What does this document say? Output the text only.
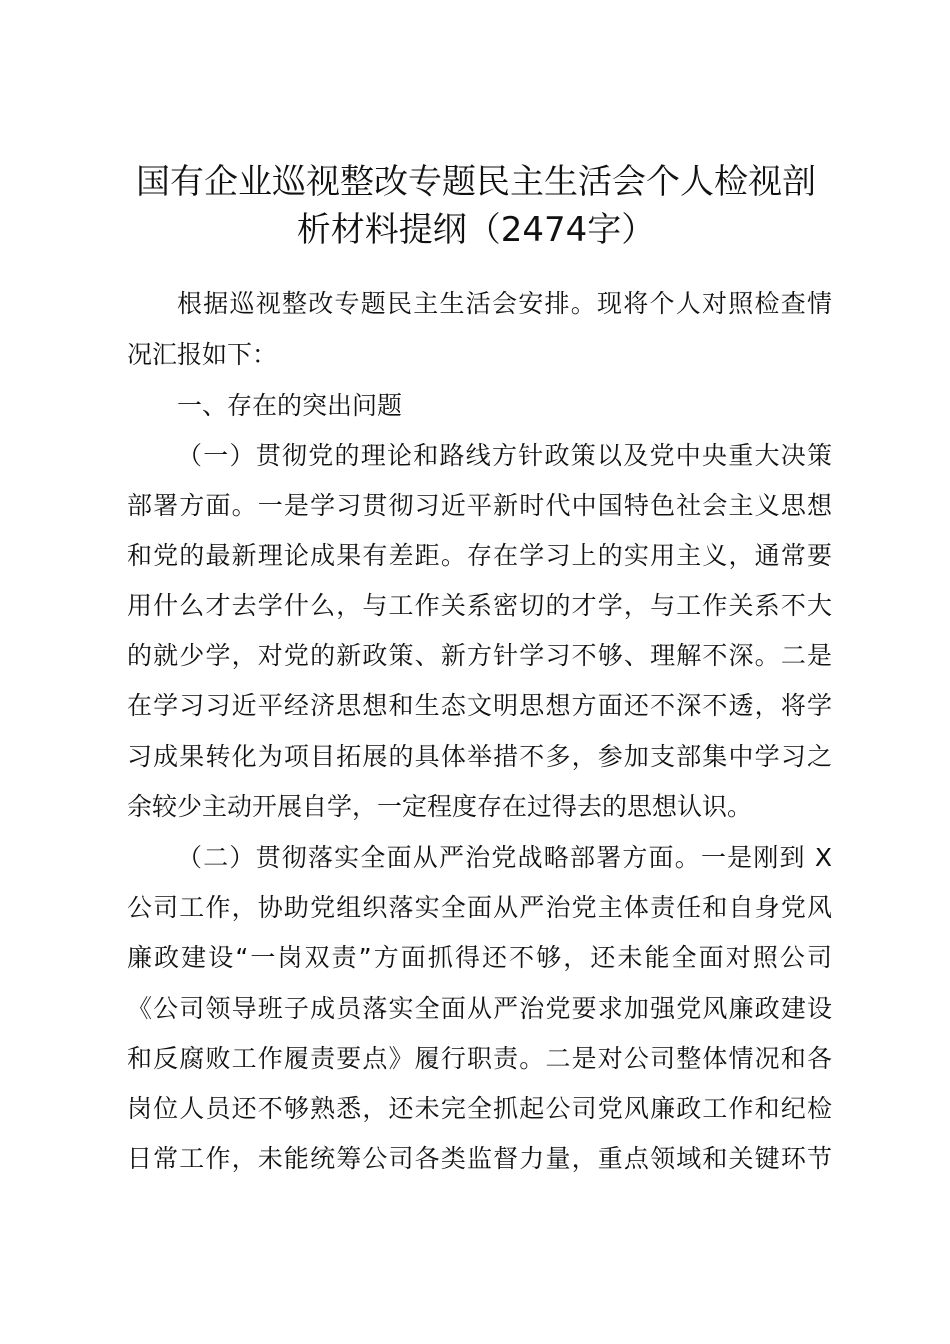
国有企业巡视整改专题民主生活会个人检视剖
析材料提纲（2474字）
根据巡视整改专题民主生活会安排。现将个人对照检查情
况汇报如下：
一、存在的突出问题
（一）贯彻党的理论和路线方针政策以及党中央重大决策
部署方面。一是学习贯彻习近平新时代中国特色社会主义思想
和党的最新理论成果有差距。存在学习上的实用主义，通常要
用什么才去学什么，与工作关系密切的才学，与工作关系不大
的就少学，对党的新政策、新方针学习不够、理解不深。二是
在学习习近平经济思想和生态文明思想方面还不深不透，将学
习成果转化为项目拓展的具体举措不多，参加支部集中学习之
余较少主动开展自学，一定程度存在过得去的思想认识。
（二）贯彻落实全面从严治党战略部署方面。一是刚到 X
公司工作，协助党组织落实全面从严治党主体责任和自身党风
廉政建设“一岗双责”方面抓得还不够，还未能全面对照公司
《公司领导班子成员落实全面从严治党要求加强党风廉政建设
和反腐败工作履责要点》履行职责。二是对公司整体情况和各
岗位人员还不够熟悉，还未完全抓起公司党风廉政工作和纪检
日常工作，未能统筹公司各类监督力量，重点领域和关键环节
